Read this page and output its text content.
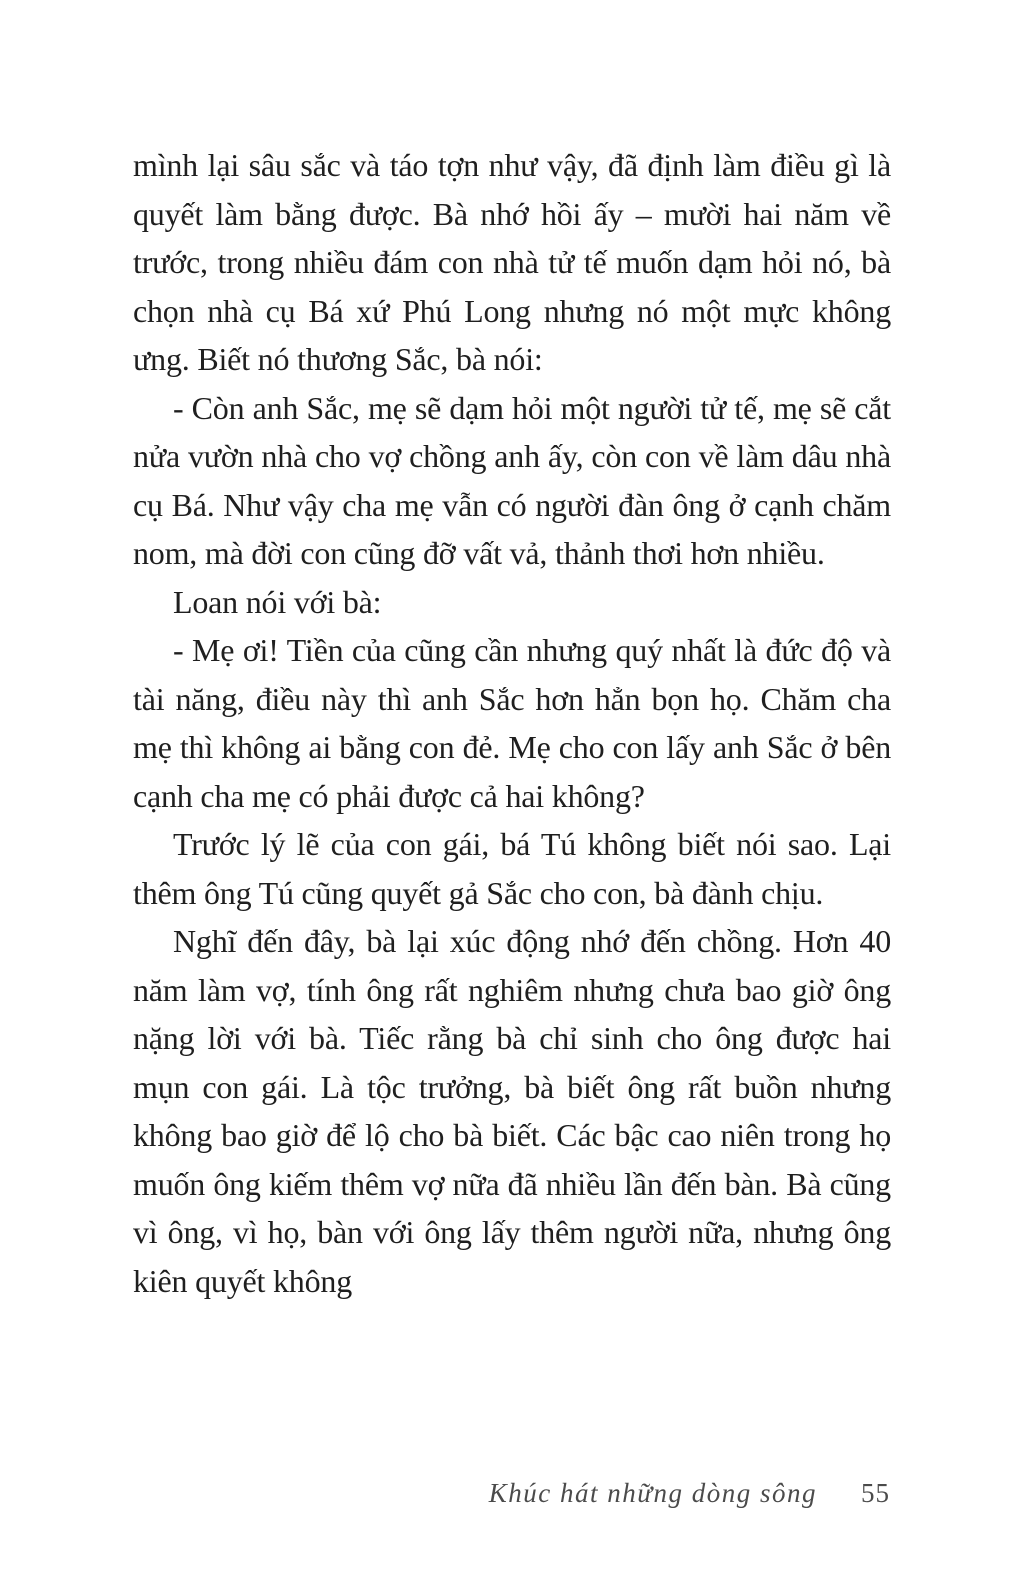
mình lại sâu sắc và táo tợn như vậy, đã định làm điều gì là quyết làm bằng được. Bà nhớ hồi ấy – mười hai năm về trước, trong nhiều đám con nhà tử tế muốn dạm hỏi nó, bà chọn nhà cụ Bá xứ Phú Long nhưng nó một mực không ưng. Biết nó thương Sắc, bà nói:

- Còn anh Sắc, mẹ sẽ dạm hỏi một người tử tế, mẹ sẽ cắt nửa vườn nhà cho vợ chồng anh ấy, còn con về làm dâu nhà cụ Bá. Như vậy cha mẹ vẫn có người đàn ông ở cạnh chăm nom, mà đời con cũng đỡ vất vả, thảnh thơi hơn nhiều.

Loan nói với bà:

- Mẹ ơi! Tiền của cũng cần nhưng quý nhất là đức độ và tài năng, điều này thì anh Sắc hơn hẳn bọn họ. Chăm cha mẹ thì không ai bằng con đẻ. Mẹ cho con lấy anh Sắc ở bên cạnh cha mẹ có phải được cả hai không?

Trước lý lẽ của con gái, bá Tú không biết nói sao. Lại thêm ông Tú cũng quyết gả Sắc cho con, bà đành chịu.

Nghĩ đến đây, bà lại xúc động nhớ đến chồng. Hơn 40 năm làm vợ, tính ông rất nghiêm nhưng chưa bao giờ ông nặng lời với bà. Tiếc rằng bà chỉ sinh cho ông được hai mụn con gái. Là tộc trưởng, bà biết ông rất buồn nhưng không bao giờ để lộ cho bà biết. Các bậc cao niên trong họ muốn ông kiếm thêm vợ nữa đã nhiều lần đến bàn. Bà cũng vì ông, vì họ, bàn với ông lấy thêm người nữa, nhưng ông kiên quyết không

Khúc hát những dòng sông 55
